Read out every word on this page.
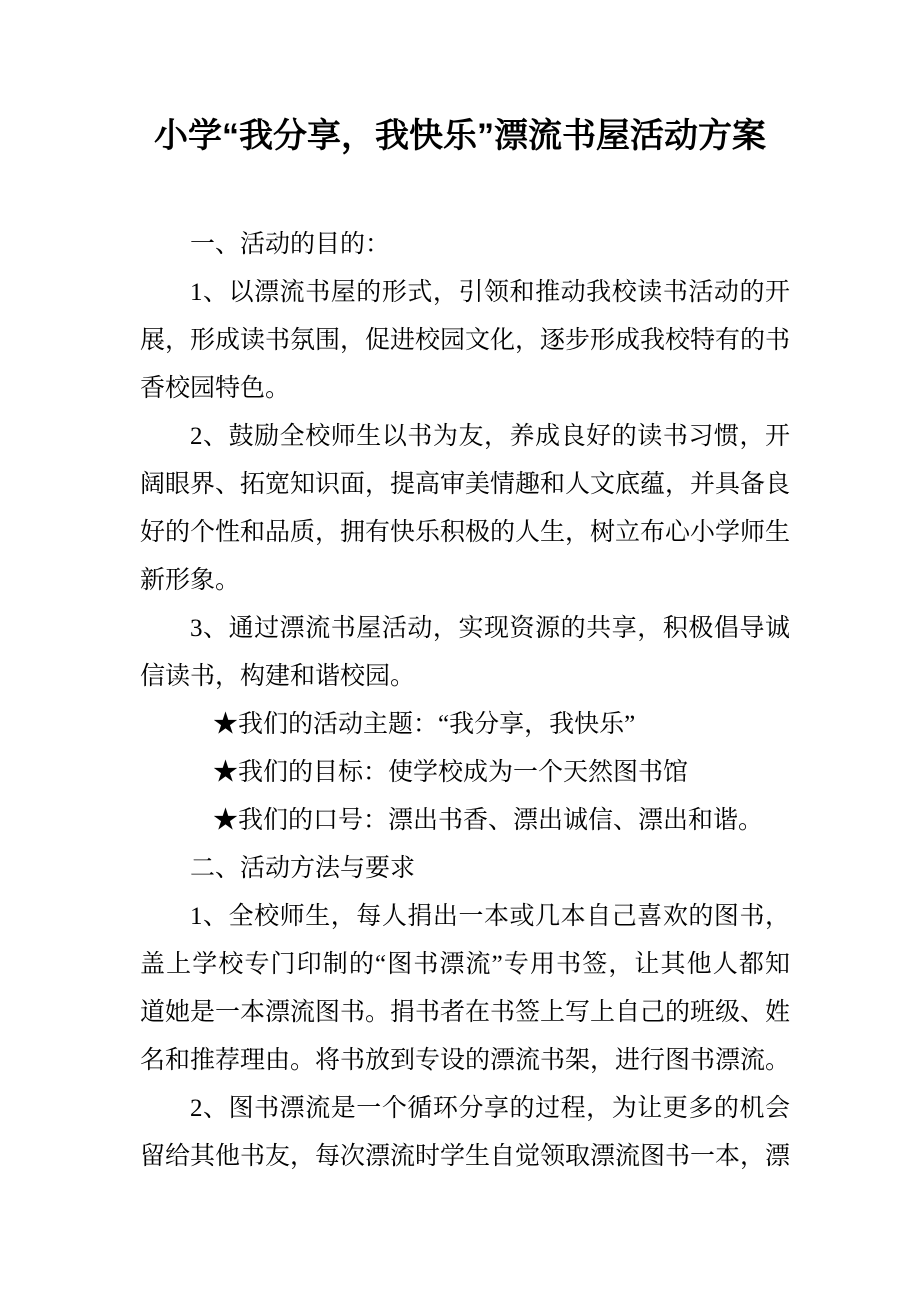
小学“我分享，我快乐”漂流书屋活动方案
一、活动的目的：
1、以漂流书屋的形式，引领和推动我校读书活动的开
展，形成读书氛围，促进校园文化，逐步形成我校特有的书
香校园特色。
2、鼓励全校师生以书为友，养成良好的读书习惯，开
阔眼界、拓宽知识面，提高审美情趣和人文底蕴，并具备良
好的个性和品质，拥有快乐积极的人生，树立布心小学师生
新形象。
3、通过漂流书屋活动，实现资源的共享，积极倡导诚
信读书，构建和谐校园。
★我们的活动主题：“我分享，我快乐”
★我们的目标：使学校成为一个天然图书馆
★我们的口号：漂出书香、漂出诚信、漂出和谐。
二、活动方法与要求
1、全校师生，每人捐出一本或几本自己喜欢的图书，
盖上学校专门印制的“图书漂流”专用书签，让其他人都知
道她是一本漂流图书。捐书者在书签上写上自己的班级、姓
名和推荐理由。将书放到专设的漂流书架，进行图书漂流。
2、图书漂流是一个循环分享的过程，为让更多的机会
留给其他书友，每次漂流时学生自觉领取漂流图书一本，漂
